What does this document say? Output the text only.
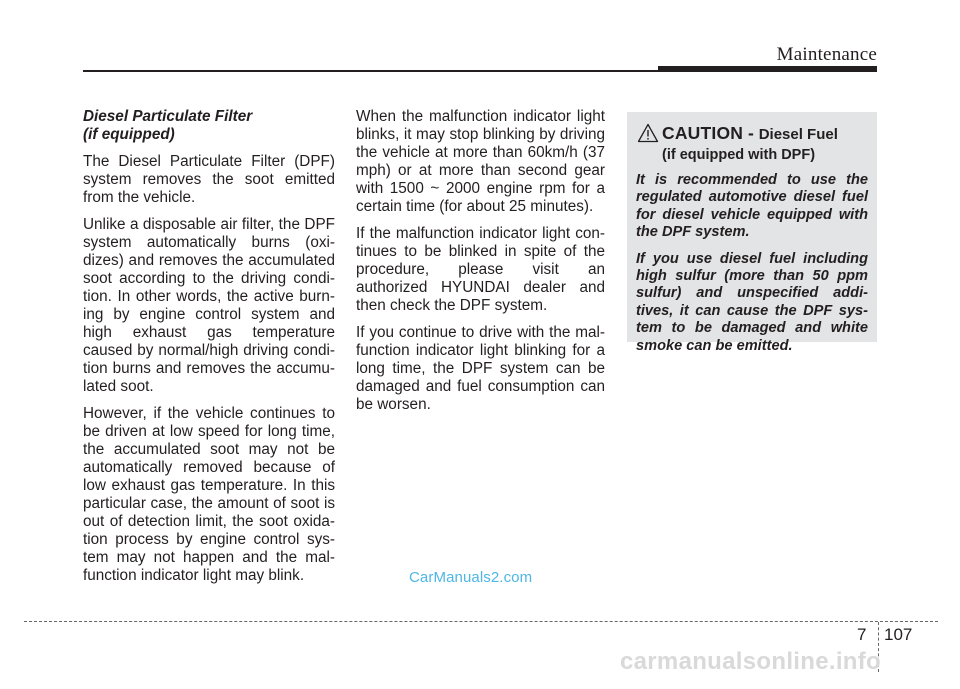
Maintenance
Diesel Particulate Filter
(if equipped)

The Diesel Particulate Filter (DPF) system removes the soot emitted from the vehicle.

Unlike a disposable air filter, the DPF system automatically burns (oxi-dizes) and removes the accumulated soot according to the driving condi-tion. In other words, the active burn-ing by engine control system and high exhaust gas temperature caused by normal/high driving condi-tion burns and removes the accumu-lated soot.

However, if the vehicle continues to be driven at low speed for long time, the accumulated soot may not be automatically removed because of low exhaust gas temperature. In this particular case, the amount of soot is out of detection limit, the soot oxida-tion process by engine control sys-tem may not happen and the mal-function indicator light may blink.

When the malfunction indicator light blinks, it may stop blinking by driving the vehicle at more than 60km/h (37 mph) or at more than second gear with 1500 ~ 2000 engine rpm for a certain time (for about 25 minutes).

If the malfunction indicator light con-tinues to be blinked in spite of the procedure, please visit an authorized HYUNDAI dealer and then check the DPF system.

If you continue to drive with the mal-function indicator light blinking for a long time, the DPF system can be damaged and fuel consumption can be worsen.

CAUTION - Diesel Fuel
(if equipped with DPF)

It is recommended to use the regulated automotive diesel fuel for diesel vehicle equipped with the DPF system.

If you use diesel fuel including high sulfur (more than 50 ppm sulfur) and unspecified addi-tives, it can cause the DPF sys-tem to be damaged and white smoke can be emitted.

CarManuals2.com
7 107
carmanualsonline.info
